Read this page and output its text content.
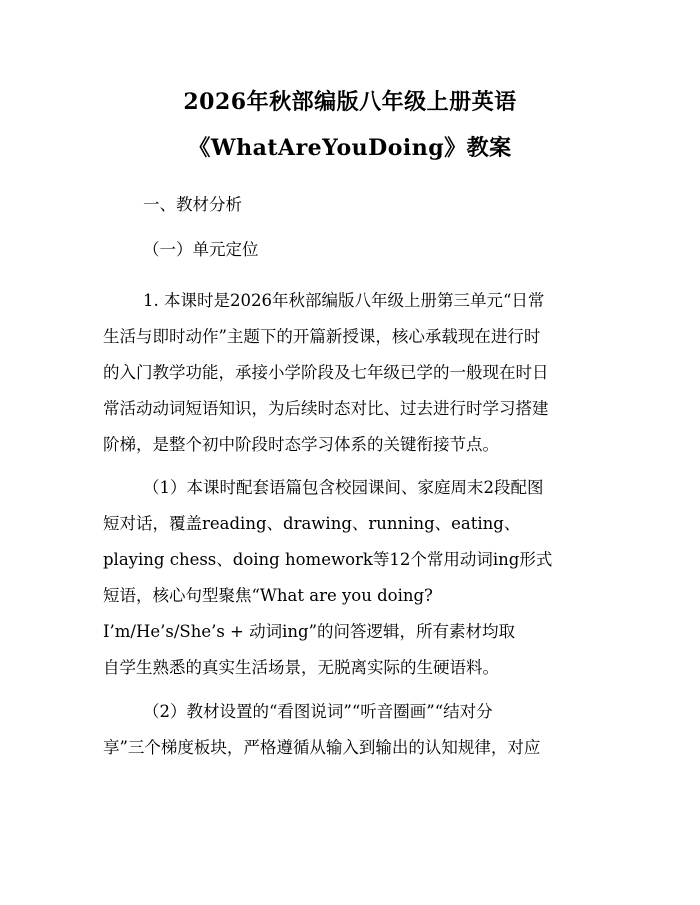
2026年秋部编版八年级上册英语
《WhatAreYouDoing》教案
一、教材分析
（一）单元定位
1. 本课时是2026年秋部编版八年级上册第三单元“日常
生活与即时动作”主题下的开篇新授课，核心承载现在进行时
的入门教学功能，承接小学阶段及七年级已学的一般现在时日
常活动动词短语知识，为后续时态对比、过去进行时学习搭建
阶梯，是整个初中阶段时态学习体系的关键衔接节点。
（1）本课时配套语篇包含校园课间、家庭周末2段配图
短对话，覆盖reading、drawing、running、eating、
playing chess、doing homework等12个常用动词ing形式
短语，核心句型聚焦“What are you doing?
I’m/He’s/She’s + 动词ing”的问答逻辑，所有素材均取
自学生熟悉的真实生活场景，无脱离实际的生硬语料。
（2）教材设置的“看图说词”“听音圈画”“结对分
享”三个梯度板块，严格遵循从输入到输出的认知规律，对应
